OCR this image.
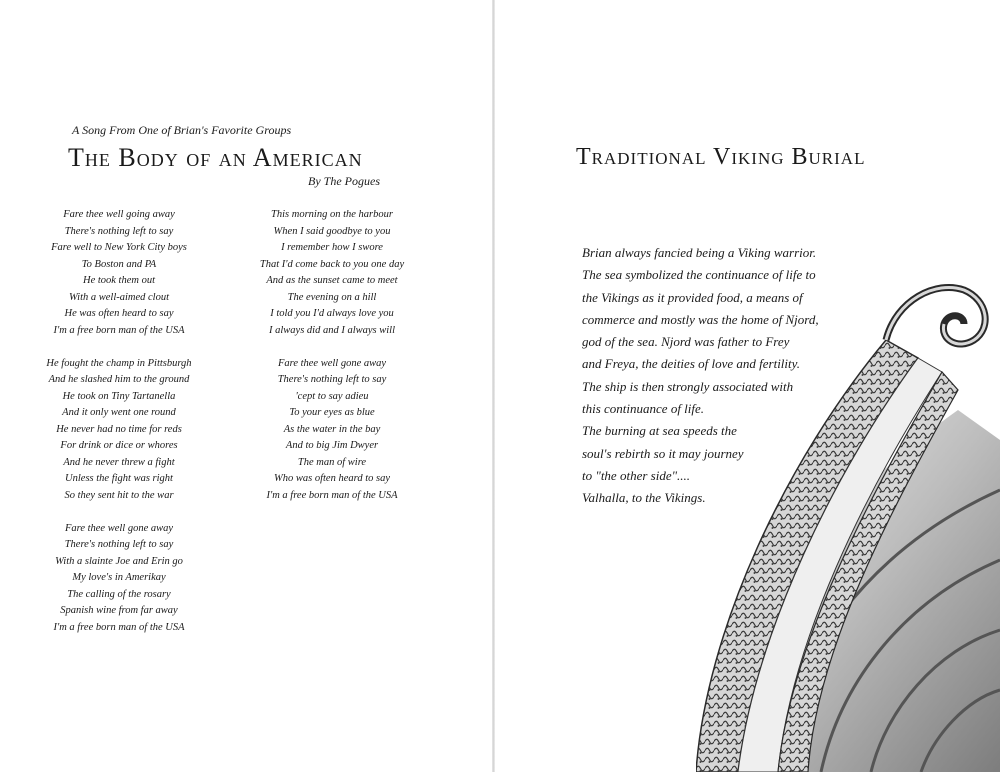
A Song From One of Brian's Favorite Groups
The Body of an American
By The Pogues
Fare thee well going away
There's nothing left to say
Fare well to New York City boys
To Boston and PA
He took them out
With a well-aimed clout
He was often heard to say
I'm a free born man of the USA
He fought the champ in Pittsburgh
And he slashed him to the ground
He took on Tiny Tartanella
And it only went one round
He never had no time for reds
For drink or dice or whores
And he never threw a fight
Unless the fight was right
So they sent hit to the war
Fare thee well gone away
There's nothing left to say
With a slainte Joe and Erin go
My love's in Amerikay
The calling of the rosary
Spanish wine from far away
I'm a free born man of the USA
This morning on the harbour
When I said goodbye to you
I remember how I swore
That I'd come back to you one day
And as the sunset came to meet
The evening on a hill
I told you I'd always love you
I always did and I always will
Fare thee well gone away
There's nothing left to say
'cept to say adieu
To your eyes as blue
As the water in the bay
And to big Jim Dwyer
The man of wire
Who was often heard to say
I'm a free born man of the USA
Traditional Viking Burial
Brian always fancied being a Viking warrior.
The sea symbolized the continuance of life to
the Vikings as it provided food, a means of
commerce and mostly was the home of Njord,
god of the sea. Njord was father to Frey
and Freya, the deities of love and fertility.
The ship is then strongly associated with
this continuance of life.
The burning at sea speeds the
soul's rebirth so it may journey
to "the other side"....
Valhalla, to the Vikings.
